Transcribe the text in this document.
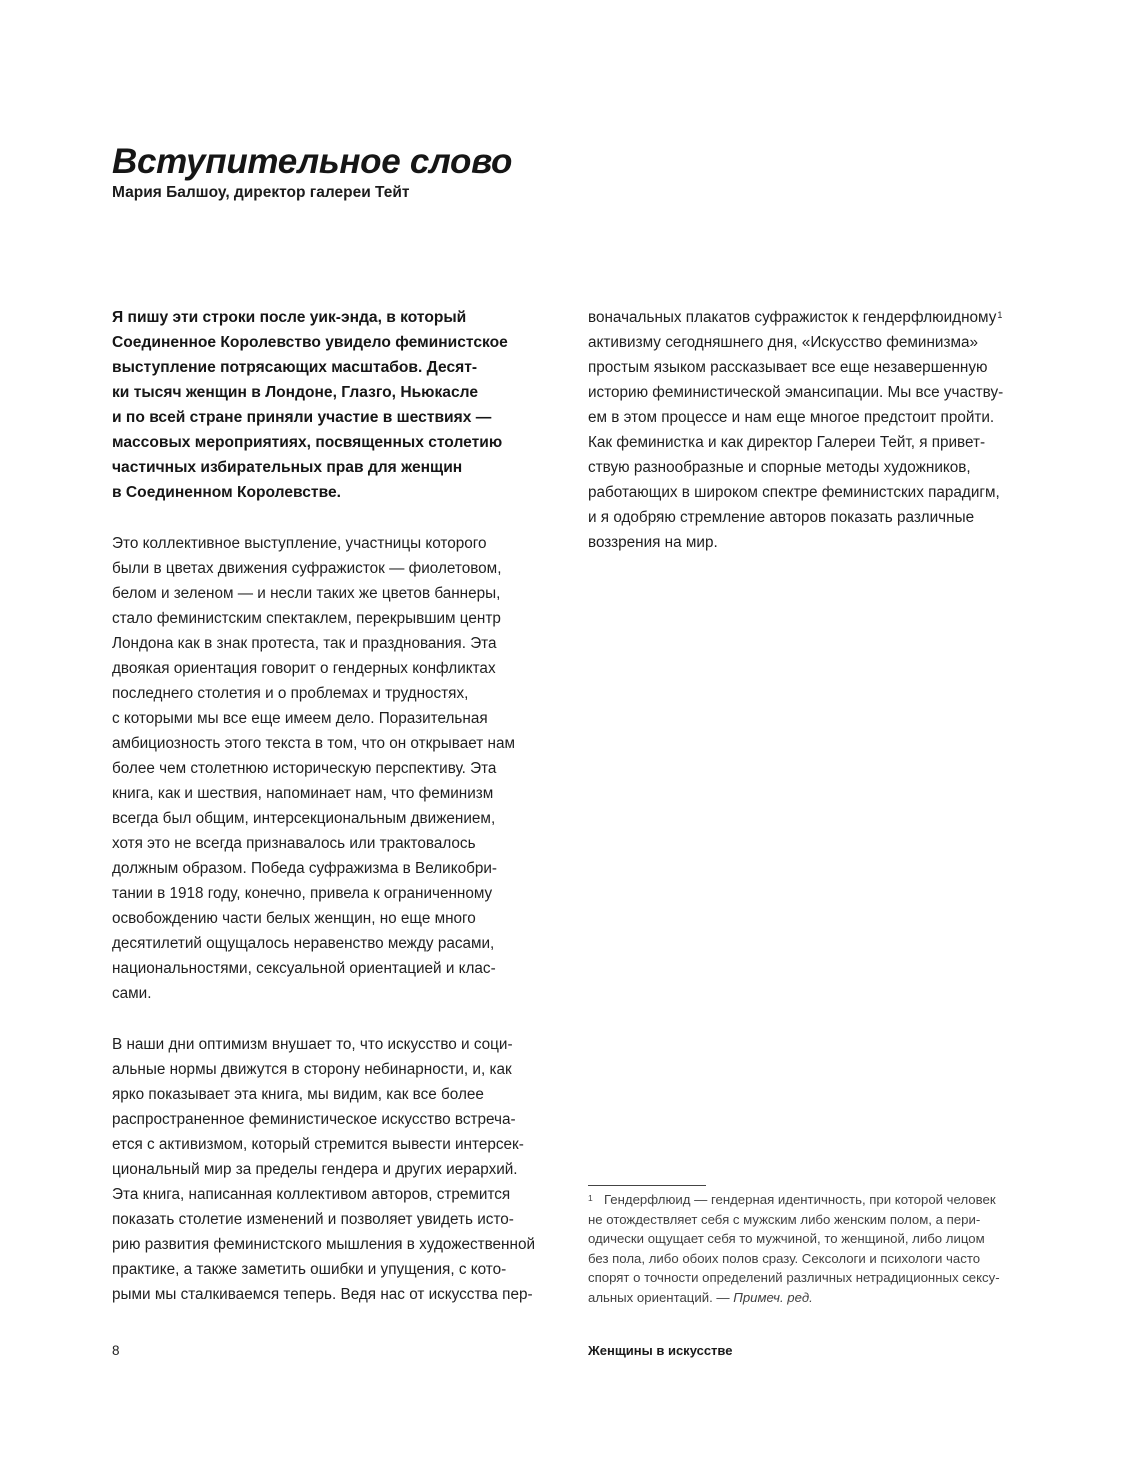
Вступительное слово

Мария Балшоу, директор галереи Тейт

Я пишу эти строки после уик-энда, в который
Соединенное Королевство увидело феминистское
выступление потрясающих масштабов. Десят-
ки тысяч женщин в Лондоне, Глазго, Ньюкасле
и по всей стране приняли участие в шествиях —
массовых мероприятиях, посвященных столетию
частичных избирательных прав для женщин
в Соединенном Королевстве.
Это коллективное выступление, участницы которого
были в цветах движения суфражисток — фиолетовом,
белом и зеленом — и несли таких же цветов баннеры,
стало феминистским спектаклем, перекрывшим центр
Лондона как в знак протеста, так и празднования. Эта
двоякая ориентация говорит о гендерных конфликтах
последнего столетия и о проблемах и трудностях,
с которыми мы все еще имеем дело. Поразительная
амбициозность этого текста в том, что он открывает нам
более чем столетнюю историческую перспективу. Эта
книга, как и шествия, напоминает нам, что феминизм
всегда был общим, интерсекциональным движением,
хотя это не всегда признавалось или трактовалось
должным образом. Победа суфражизма в Великобри-
тании в 1918 году, конечно, привела к ограниченному
освобождению части белых женщин, но еще много
десятилетий ощущалось неравенство между расами,
национальностями, сексуальной ориентацией и клас-
сами.
В наши дни оптимизм внушает то, что искусство и соци-
альные нормы движутся в сторону небинарности, и, как
ярко показывает эта книга, мы видим, как все более
распространенное феминистическое искусство встреча-
ется с активизмом, который стремится вывести интерсек-
циональный мир за пределы гендера и других иерархий.
Эта книга, написанная коллективом авторов, стремится
показать столетие изменений и позволяет увидеть исто-
рию развития феминистского мышления в художественной
практике, а также заметить ошибки и упущения, с кото-
рыми мы сталкиваемся теперь. Ведя нас от искусства пер-
воначальных плакатов суфражисток к гендерфлюидному$^1$
активизму сегодняшнего дня, «Искусство феминизма»
простым языком рассказывает все еще незавершенную
историю феминистической эмансипации. Мы все участву-
ем в этом процессе и нам еще многое предстоит пройти.
Как феминистка и как директор Галереи Тейт, я привет-
ствую разнообразные и спорные методы художников,
работающих в широком спектре феминистских парадигм,
и я одобряю стремление авторов показать различные
воззрения на мир.
1 Гендерфлюид — гендерная идентичность, при которой человек
не отождествляет себя с мужским либо женским полом, а пери-
одически ощущает себя то мужчиной, то женщиной, либо лицом
без пола, либо обоих полов сразу. Сексологи и психологи часто
спорят о точности определений различных нетрадиционных сексу-
альных ориентаций. — Примеч. ред.
8	Женщины в искусстве
